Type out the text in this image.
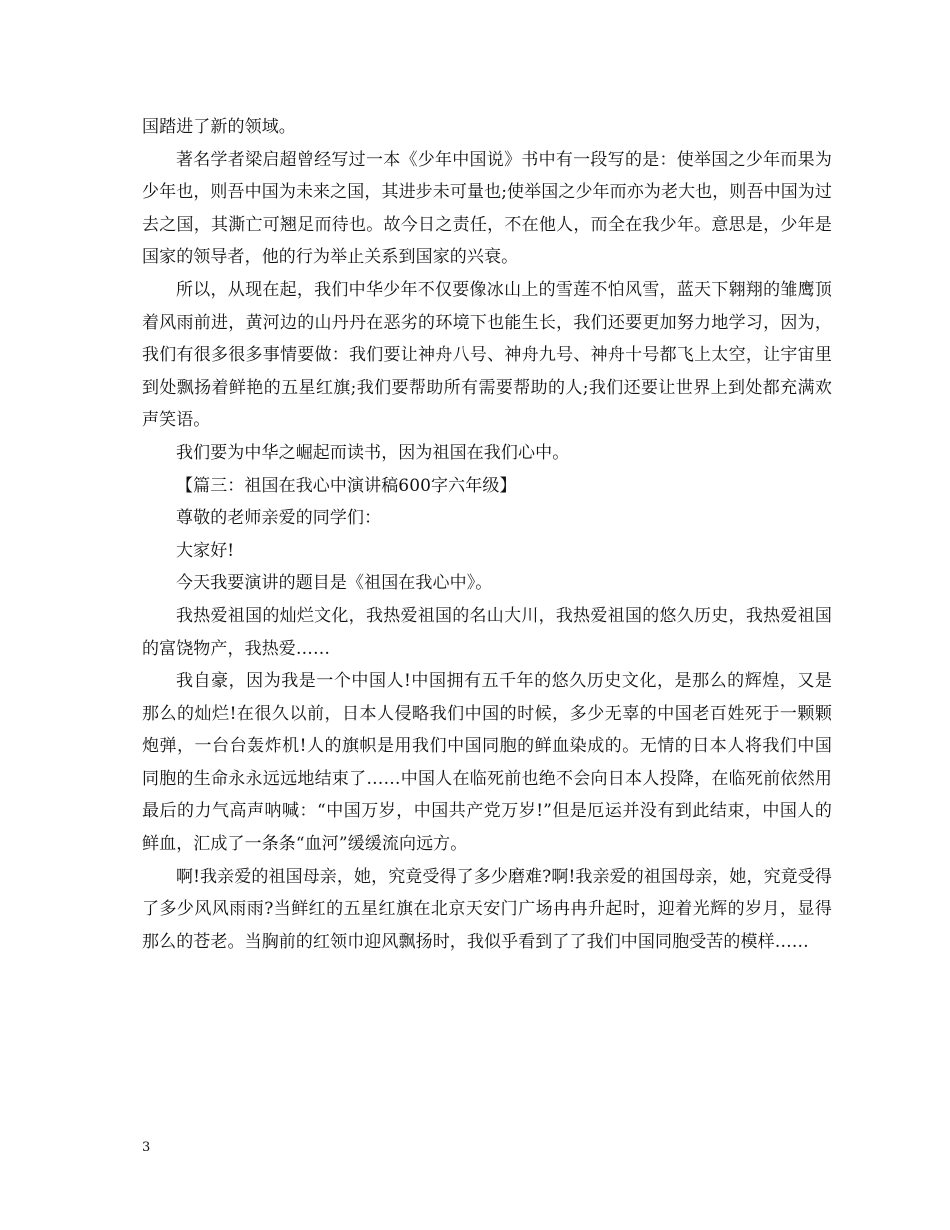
国踏进了新的领域。

著名学者梁启超曾经写过一本《少年中国说》书中有一段写的是：使举国之少年而果为少年也，则吾中国为未来之国，其进步未可量也;使举国之少年而亦为老大也，则吾中国为过去之国，其澌亡可翘足而待也。故今日之责任，不在他人，而全在我少年。意思是，少年是国家的领导者，他的行为举止关系到国家的兴衰。

所以，从现在起，我们中华少年不仅要像冰山上的雪莲不怕风雪，蓝天下翱翔的雏鹰顶着风雨前进，黄河边的山丹丹在恶劣的环境下也能生长，我们还要更加努力地学习，因为，我们有很多很多事情要做：我们要让神舟八号、神舟九号、神舟十号都飞上太空，让宇宙里到处飘扬着鲜艳的五星红旗;我们要帮助所有需要帮助的人;我们还要让世界上到处都充满欢声笑语。

我们要为中华之崛起而读书，因为祖国在我们心中。

【篇三：祖国在我心中演讲稿600字六年级】

尊敬的老师亲爱的同学们：

大家好!

今天我要演讲的题目是《祖国在我心中》。

我热爱祖国的灿烂文化，我热爱祖国的名山大川，我热爱祖国的悠久历史，我热爱祖国的富饶物产，我热爱……

我自豪，因为我是一个中国人!中国拥有五千年的悠久历史文化，是那么的辉煌，又是那么的灿烂!在很久以前，日本人侵略我们中国的时候，多少无辜的中国老百姓死于一颗颗炮弹，一台台轰炸机!人的旗帜是用我们中国同胞的鲜血染成的。无情的日本人将我们中国同胞的生命永永远远地结束了……中国人在临死前也绝不会向日本人投降，在临死前依然用最后的力气高声呐喊：“中国万岁，中国共产党万岁!”但是厄运并没有到此结束，中国人的鲜血，汇成了一条条“血河”缓缓流向远方。

啊!我亲爱的祖国母亲，她，究竟受得了多少磨难?啊!我亲爱的祖国母亲，她，究竟受得了多少风风雨雨?当鲜红的五星红旗在北京天安门广场冉冉升起时，迎着光辉的岁月，显得那么的苍老。当胸前的红领巾迎风飘扬时，我似乎看到了了我们中国同胞受苦的模样……

3
